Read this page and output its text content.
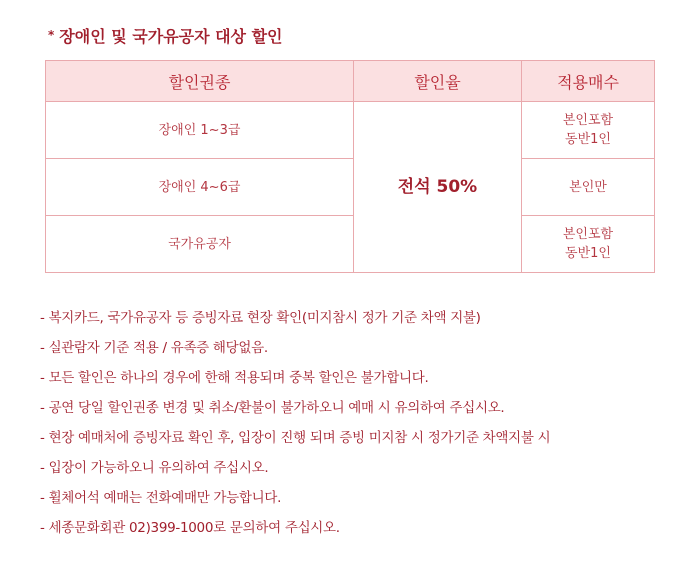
* 장애인 및 국가유공자 대상 할인
할인권종	할인율	적용매수
장애인 1~3급	전석 50%	본인포함
동반1인

장애인 4~6급		본인만

국가유공자		본인포함
동반1인
- 복지카드, 국가유공자 등 증빙자료 현장 확인(미지참시 정가 기준 차액 지불)
- 실관람자 기준 적용 / 유족증 해당없음.
- 모든 할인은 하나의 경우에 한해 적용되며 중복 할인은 불가합니다.
- 공연 당일 할인권종 변경 및 취소/환불이 불가하오니 예매 시 유의하여 주십시오.
- 현장 예매처에 증빙자료 확인 후, 입장이 진행 되며 증빙 미지참 시 정가기준 차액지불 시
- 입장이 가능하오니 유의하여 주십시오.
- 휠체어석 예매는 전화예매만 가능합니다.
- 세종문화회관 02)399-1000로 문의하여 주십시오.
